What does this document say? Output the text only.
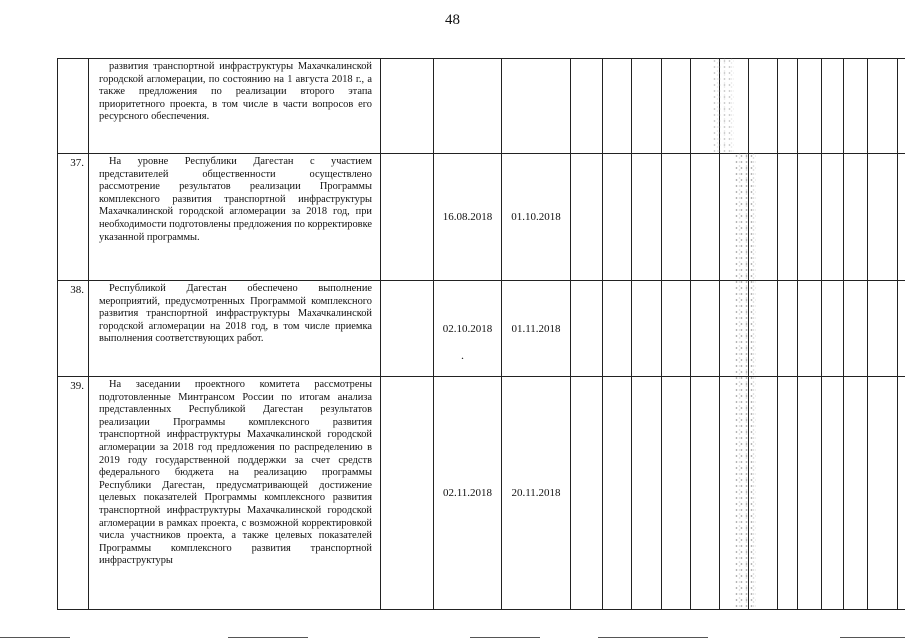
48

	развития транспортной инфраструктуры Махачкалинской городской агломерации, по состоянию на 1 августа 2018 г., а также предложения по реализации второго этапа приоритетного проекта, в том числе в части вопросов его ресурсного обеспечения.																

37.	На уровне Республики Дагестан с участием представителей общественности осуществлено рассмотрение результатов реализации Программы комплексного развития транспортной инфраструктуры Махачкалинской городской агломерации за 2018 год, при необходимости подготовлены предложения по корректировке указанной программы.		16.08.2018	01.10.2018													
38.	Республикой Дагестан обеспечено выполнение мероприятий, предусмотренных Программой комплексного развития транспортной инфраструктуры Махачкалинской городской агломерации на 2018 год, в том числе приемка выполнения соответствующих работ.		02.10.2018	01.11.2018													
39.	На заседании проектного комитета рассмотрены подготовленные Минтрансом России по итогам анализа представленных Республикой Дагестан результатов реализации Программы комплексного развития транспортной инфраструктуры Махачкалинской городской агломерации за 2018 год предложения по распределению в 2019 году государственной поддержки за счет средств федерального бюджета на реализацию программы Республики Дагестан, предусматривающей достижение целевых показателей Программы комплексного развития транспортной инфраструктуры Махачкалинской городской агломерации в рамках проекта, с возможной корректировкой числа участников проекта, а также целевых показателей Программы комплексного развития транспортной инфраструктуры		02.11.2018	20.11.2018													
.
